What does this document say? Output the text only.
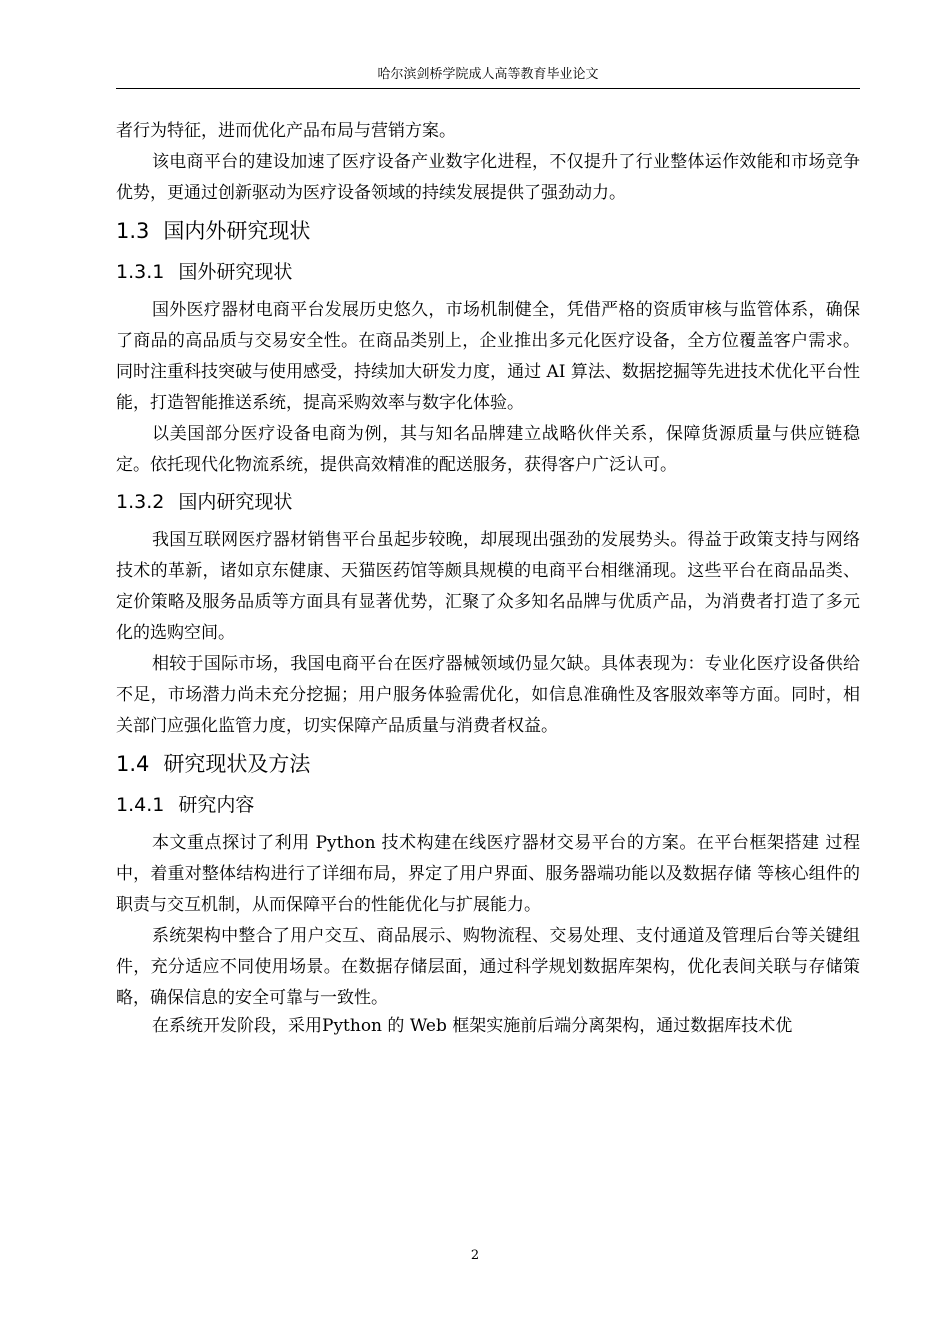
哈尔滨剑桥学院成人高等教育毕业论文

者行为特征，进而优化产品布局与营销方案。

该电商平台的建设加速了医疗设备产业数字化进程，不仅提升了行业整体运作效能和市场竞争优势，更通过创新驱动为医疗设备领域的持续发展提供了强劲动力。

1.3 国内外研究现状
1.3.1 国外研究现状

国外医疗器材电商平台发展历史悠久，市场机制健全，凭借严格的资质审核与监管体系，确保了商品的高品质与交易安全性。在商品类别上，企业推出多元化医疗设备，全方位覆盖客户需求。同时注重科技突破与使用感受，持续加大研发力度，通过 AI 算法、数据挖掘等先进技术优化平台性能，打造智能推送系统，提高采购效率与数字化体验。

以美国部分医疗设备电商为例，其与知名品牌建立战略伙伴关系，保障货源质量与供应链稳定。依托现代化物流系统，提供高效精准的配送服务，获得客户广泛认可。

1.3.2 国内研究现状

我国互联网医疗器材销售平台虽起步较晚，却展现出强劲的发展势头。得益于政策支持与网络技术的革新，诸如京东健康、天猫医药馆等颇具规模的电商平台相继涌现。这些平台在商品品类、定价策略及服务品质等方面具有显著优势，汇聚了众多知名品牌与优质产品，为消费者打造了多元化的选购空间。

相较于国际市场，我国电商平台在医疗器械领域仍显欠缺。具体表现为：专业化医疗设备供给不足，市场潜力尚未充分挖掘；用户服务体验需优化，如信息准确性及客服效率等方面。同时，相关部门应强化监管力度，切实保障产品质量与消费者权益。

1.4 研究现状及方法
1.4.1 研究内容

本文重点探讨了利用 Python 技术构建在线医疗器材交易平台的方案。在平台框架搭建 过程中，着重对整体结构进行了详细布局，界定了用户界面、服务器端功能以及数据存储 等核心组件的职责与交互机制，从而保障平台的性能优化与扩展能力。

系统架构中整合了用户交互、商品展示、购物流程、交易处理、支付通道及管理后台等关键组件，充分适应不同使用场景。在数据存储层面，通过科学规划数据库架构，优化表间关联与存储策略，确保信息的安全可靠与一致性。

在系统开发阶段，采用Python 的 Web 框架实施前后端分离架构，通过数据库技术优

2
